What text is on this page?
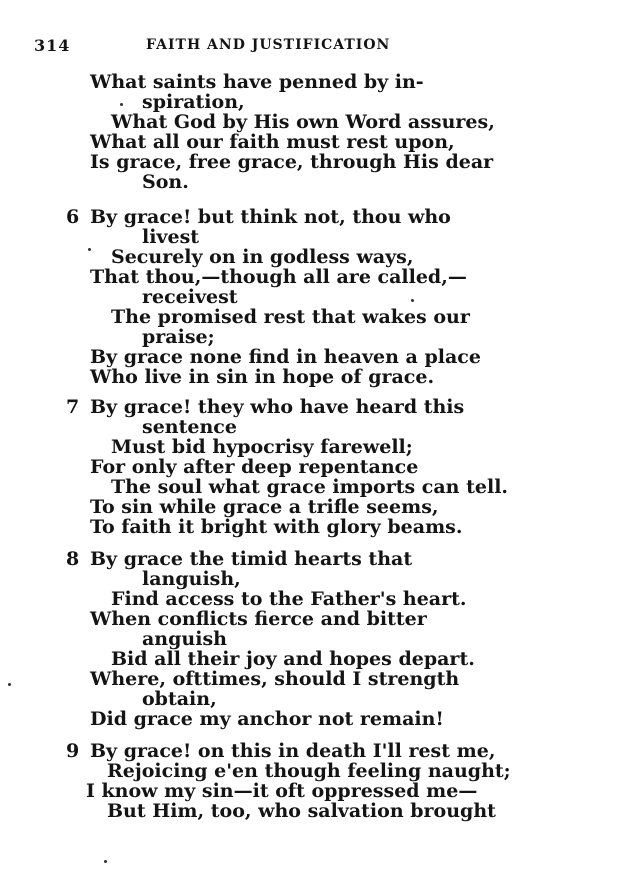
314	FAITH AND JUSTIFICATION
What saints have penned by in-
spiration,
What God by His own Word assures,
What all our faith must rest upon,
Is grace, free grace, through His dear
Son.
6 By grace! but think not, thou who
livest
Securely on in godless ways,
That thou,—though all are called,—
receivest
The promised rest that wakes our
praise;
By grace none find in heaven a place
Who live in sin in hope of grace.
7 By grace! they who have heard this
sentence
Must bid hypocrisy farewell;
For only after deep repentance
The soul what grace imports can tell.
To sin while grace a trifle seems,
To faith it bright with glory beams.
8 By grace the timid hearts that
languish,
Find access to the Father's heart.
When conflicts fierce and bitter
anguish
Bid all their joy and hopes depart.
Where, ofttimes, should I strength
obtain,
Did grace my anchor not remain!
9 By grace! on this in death I'll rest me,
Rejoicing e'en though feeling naught;
I know my sin—it oft oppressed me—
But Him, too, who salvation brought
